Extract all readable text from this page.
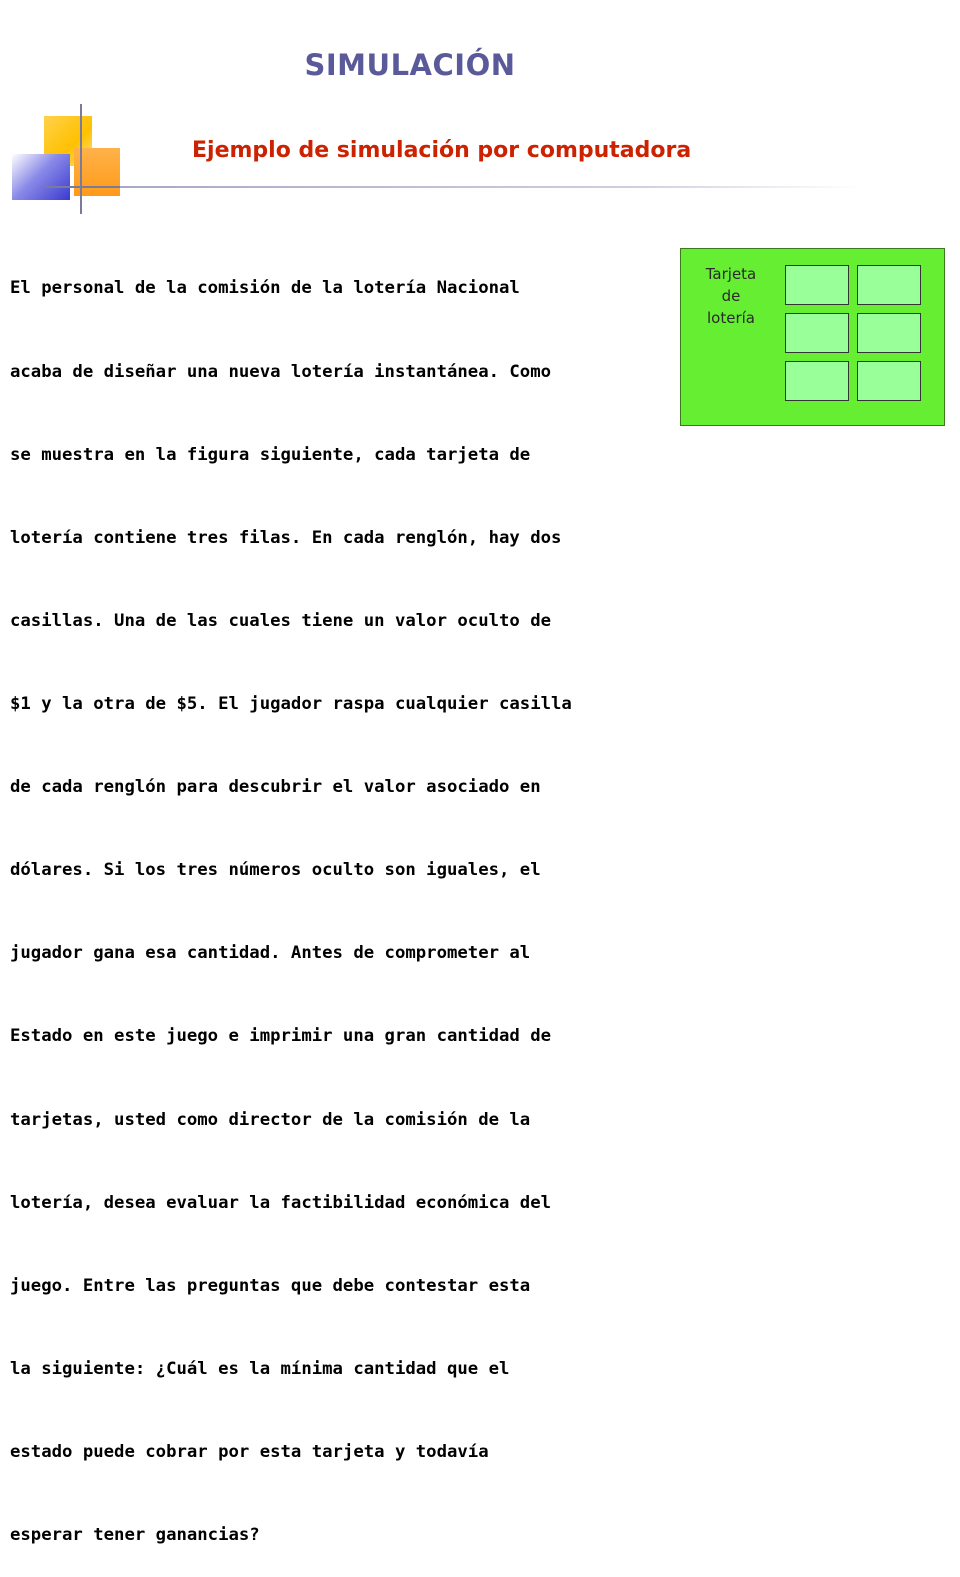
SIMULACIÓN
Ejemplo de simulación por computadora

El personal de la comisión de la lotería Nacional

acaba de diseñar una nueva lotería instantánea. Como

se muestra en la figura siguiente, cada tarjeta de

lotería contiene tres filas. En cada renglón, hay dos

casillas. Una de las cuales tiene un valor oculto de

$1 y la otra de $5. El jugador raspa cualquier casilla

de cada renglón para descubrir el valor asociado en

dólares. Si los tres números oculto son iguales, el

jugador gana esa cantidad. Antes de comprometer al

Estado en este juego e imprimir una gran cantidad de

tarjetas, usted como director de la comisión de la

lotería, desea evaluar la factibilidad económica del

juego. Entre las preguntas que debe contestar esta

la siguiente: ¿Cuál es la mínima cantidad que el

estado puede cobrar por esta tarjeta y todavía

esperar tener ganancias?

Tarjeta
de
lotería
